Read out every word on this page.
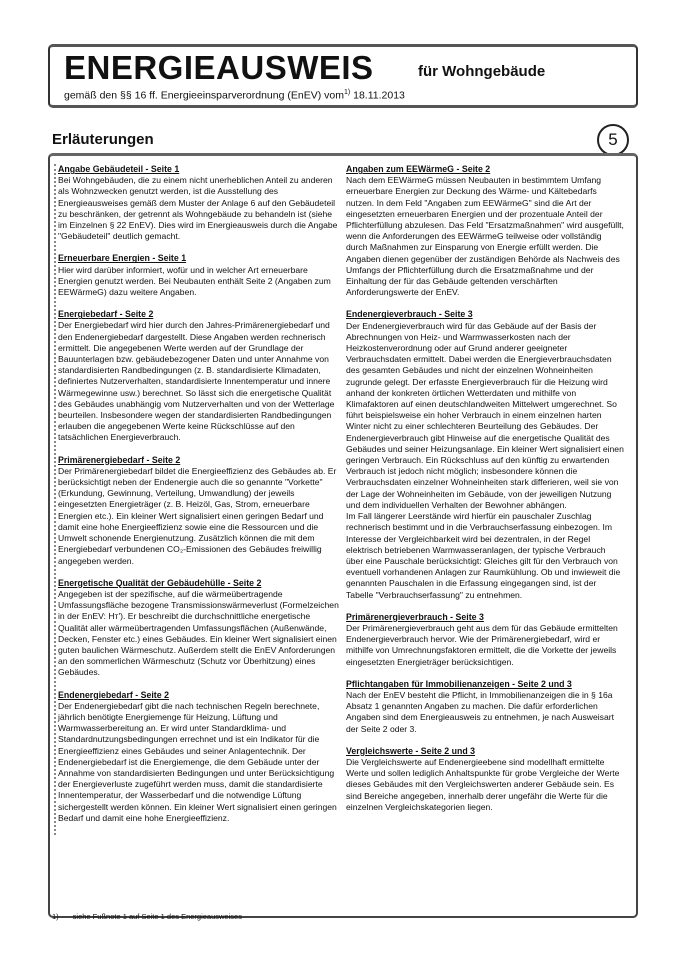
ENERGIEAUSWEIS	für Wohngebäude
gemäß den §§ 16 ff. Energieeinsparverordnung (EnEV) vom$^{1)}$ 18.11.2013
Erläuterungen	5
Angabe Gebäudeteil - Seite 1

Bei Wohngebäuden, die zu einem nicht unerheblichen Anteil zu anderen als Wohnzwecken genutzt werden, ist die Ausstellung des Energieausweises gemäß dem Muster der Anlage 6 auf den Gebäudeteil zu beschränken, der getrennt als Wohngebäude zu behandeln ist (siehe im Einzelnen § 22 EnEV). Dies wird im Energieausweis durch die Angabe "Gebäudeteil" deutlich gemacht.

Erneuerbare Energien - Seite 1

Hier wird darüber informiert, wofür und in welcher Art erneuerbare Energien genutzt werden. Bei Neubauten enthält Seite 2 (Angaben zum EEWärmeG) dazu weitere Angaben.

Energiebedarf - Seite 2

Der Energiebedarf wird hier durch den Jahres-Primärenergiebedarf und den Endenergiebedarf dargestellt. Diese Angaben werden rechnerisch ermittelt. Die angegebenen Werte werden auf der Grundlage der Bauunterlagen bzw. gebäudebezogener Daten und unter Annahme von standardisierten Randbedingungen (z. B. standardisierte Klimadaten, definiertes Nutzerverhalten, standardisierte Innentemperatur und innere Wärmegewinne usw.) berechnet. So lässt sich die energetische Qualität des Gebäudes unabhängig vom Nutzerverhalten und von der Wetterlage beurteilen. Insbesondere wegen der standardisierten Randbedingungen erlauben die angegebenen Werte keine Rückschlüsse auf den tatsächlichen Energieverbrauch.

Primärenergiebedarf - Seite 2

Der Primärenergiebedarf bildet die Energieeffizienz des Gebäudes ab. Er berücksichtigt neben der Endenergie auch die so genannte "Vorkette" (Erkundung, Gewinnung, Verteilung, Umwandlung) der jeweils eingesetzten Energieträger (z. B. Heizöl, Gas, Strom, erneuerbare Energien etc.). Ein kleiner Wert signalisiert einen geringen Bedarf und damit eine hohe Energieeffizienz sowie eine die Ressourcen und die Umwelt schonende Energienutzung. Zusätzlich können die mit dem Energiebedarf verbundenen CO₂-Emissionen des Gebäudes freiwillig angegeben werden.

Energetische Qualität der Gebäudehülle - Seite 2

Angegeben ist der spezifische, auf die wärmeübertragende Umfassungsfläche bezogene Transmissionswärmeverlust (Formelzeichen in der EnEV: Hт'). Er beschreibt die durchschnittliche energetische Qualität aller wärmeübertragenden Umfassungsflächen (Außenwände, Decken, Fenster etc.) eines Gebäudes. Ein kleiner Wert signalisiert einen guten baulichen Wärmeschutz. Außerdem stellt die EnEV Anforderungen an den sommerlichen Wärmeschutz (Schutz vor Überhitzung) eines Gebäudes.

Endenergiebedarf - Seite 2

Der Endenergiebedarf gibt die nach technischen Regeln berechnete, jährlich benötigte Energiemenge für Heizung, Lüftung und Warmwasserbereitung an. Er wird unter Standardklima- und Standardnutzungsbedingungen errechnet und ist ein Indikator für die Energieeffizienz eines Gebäudes und seiner Anlagentechnik. Der Endenergiebedarf ist die Energiemenge, die dem Gebäude unter der Annahme von standardisierten Bedingungen und unter Berücksichtigung der Energieverluste zugeführt werden muss, damit die standardisierte Innentemperatur, der Wasserbedarf und die notwendige Lüftung sichergestellt werden können. Ein kleiner Wert signalisiert einen geringen Bedarf und damit eine hohe Energieeffizienz.

Angaben zum EEWärmeG - Seite 2

Nach dem EEWärmeG müssen Neubauten in bestimmtem Umfang erneuerbare Energien zur Deckung des Wärme- und Kältebedarfs nutzen. In dem Feld "Angaben zum EEWärmeG" sind die Art der eingesetzten erneuerbaren Energien und der prozentuale Anteil der Pflichterfüllung abzulesen. Das Feld "Ersatzmaßnahmen" wird ausgefüllt, wenn die Anforderungen des EEWärmeG teilweise oder vollständig durch Maßnahmen zur Einsparung von Energie erfüllt werden. Die Angaben dienen gegenüber der zuständigen Behörde als Nachweis des Umfangs der Pflichterfüllung durch die Ersatzmaßnahme und der Einhaltung der für das Gebäude geltenden verschärften Anforderungswerte der EnEV.

Endenergieverbrauch - Seite 3

Der Endenergieverbrauch wird für das Gebäude auf der Basis der Abrechnungen von Heiz- und Warmwasserkosten nach der Heizkostenverordnung oder auf Grund anderer geeigneter Verbrauchsdaten ermittelt. Dabei werden die Energieverbrauchsdaten des gesamten Gebäudes und nicht der einzelnen Wohneinheiten zugrunde gelegt. Der erfasste Energieverbrauch für die Heizung wird anhand der konkreten örtlichen Wetterdaten und mithilfe von Klimafaktoren auf einen deutschlandweiten Mittelwert umgerechnet. So führt beispielsweise ein hoher Verbrauch in einem einzelnen harten Winter nicht zu einer schlechteren Beurteilung des Gebäudes. Der Endenergieverbrauch gibt Hinweise auf die energetische Qualität des Gebäudes und seiner Heizungsanlage. Ein kleiner Wert signalisiert einen geringen Verbrauch. Ein Rückschluss auf den künftig zu erwartenden Verbrauch ist jedoch nicht möglich; insbesondere können die Verbrauchsdaten einzelner Wohneinheiten stark differieren, weil sie von der Lage der Wohneinheiten im Gebäude, von der jeweiligen Nutzung und dem individuellen Verhalten der Bewohner abhängen.

Im Fall längerer Leerstände wird hierfür ein pauschaler Zuschlag rechnerisch bestimmt und in die Verbrauchserfassung einbezogen. Im Interesse der Vergleichbarkeit wird bei dezentralen, in der Regel elektrisch betriebenen Warmwasseranlagen, der typische Verbrauch über eine Pauschale berücksichtigt: Gleiches gilt für den Verbrauch von eventuell vorhandenen Anlagen zur Raumkühlung. Ob und inwieweit die genannten Pauschalen in die Erfassung eingegangen sind, ist der Tabelle "Verbrauchserfassung" zu entnehmen.

Primärenergieverbrauch - Seite 3

Der Primärenergieverbrauch geht aus dem für das Gebäude ermittelten Endenergieverbrauch hervor. Wie der Primärenergiebedarf, wird er mithilfe von Umrechnungsfaktoren ermittelt, die die Vorkette der jeweils eingesetzten Energieträger berücksichtigen.

Pflichtangaben für Immobilienanzeigen - Seite 2 und 3

Nach der EnEV besteht die Pflicht, in Immobilienanzeigen die in § 16a Absatz 1 genannten Angaben zu machen. Die dafür erforderlichen Angaben sind dem Energieausweis zu entnehmen, je nach Ausweisart der Seite 2 oder 3.

Vergleichswerte - Seite 2 und 3

Die Vergleichswerte auf Endenergieebene sind modellhaft ermittelte Werte und sollen lediglich Anhaltspunkte für grobe Vergleiche der Werte dieses Gebäudes mit den Vergleichswerten anderer Gebäude sein. Es sind Bereiche angegeben, innerhalb derer ungefähr die Werte für die einzelnen Vergleichskategorien liegen.

1) siehe Fußnote 1 auf Seite 1 des Energieausweises
